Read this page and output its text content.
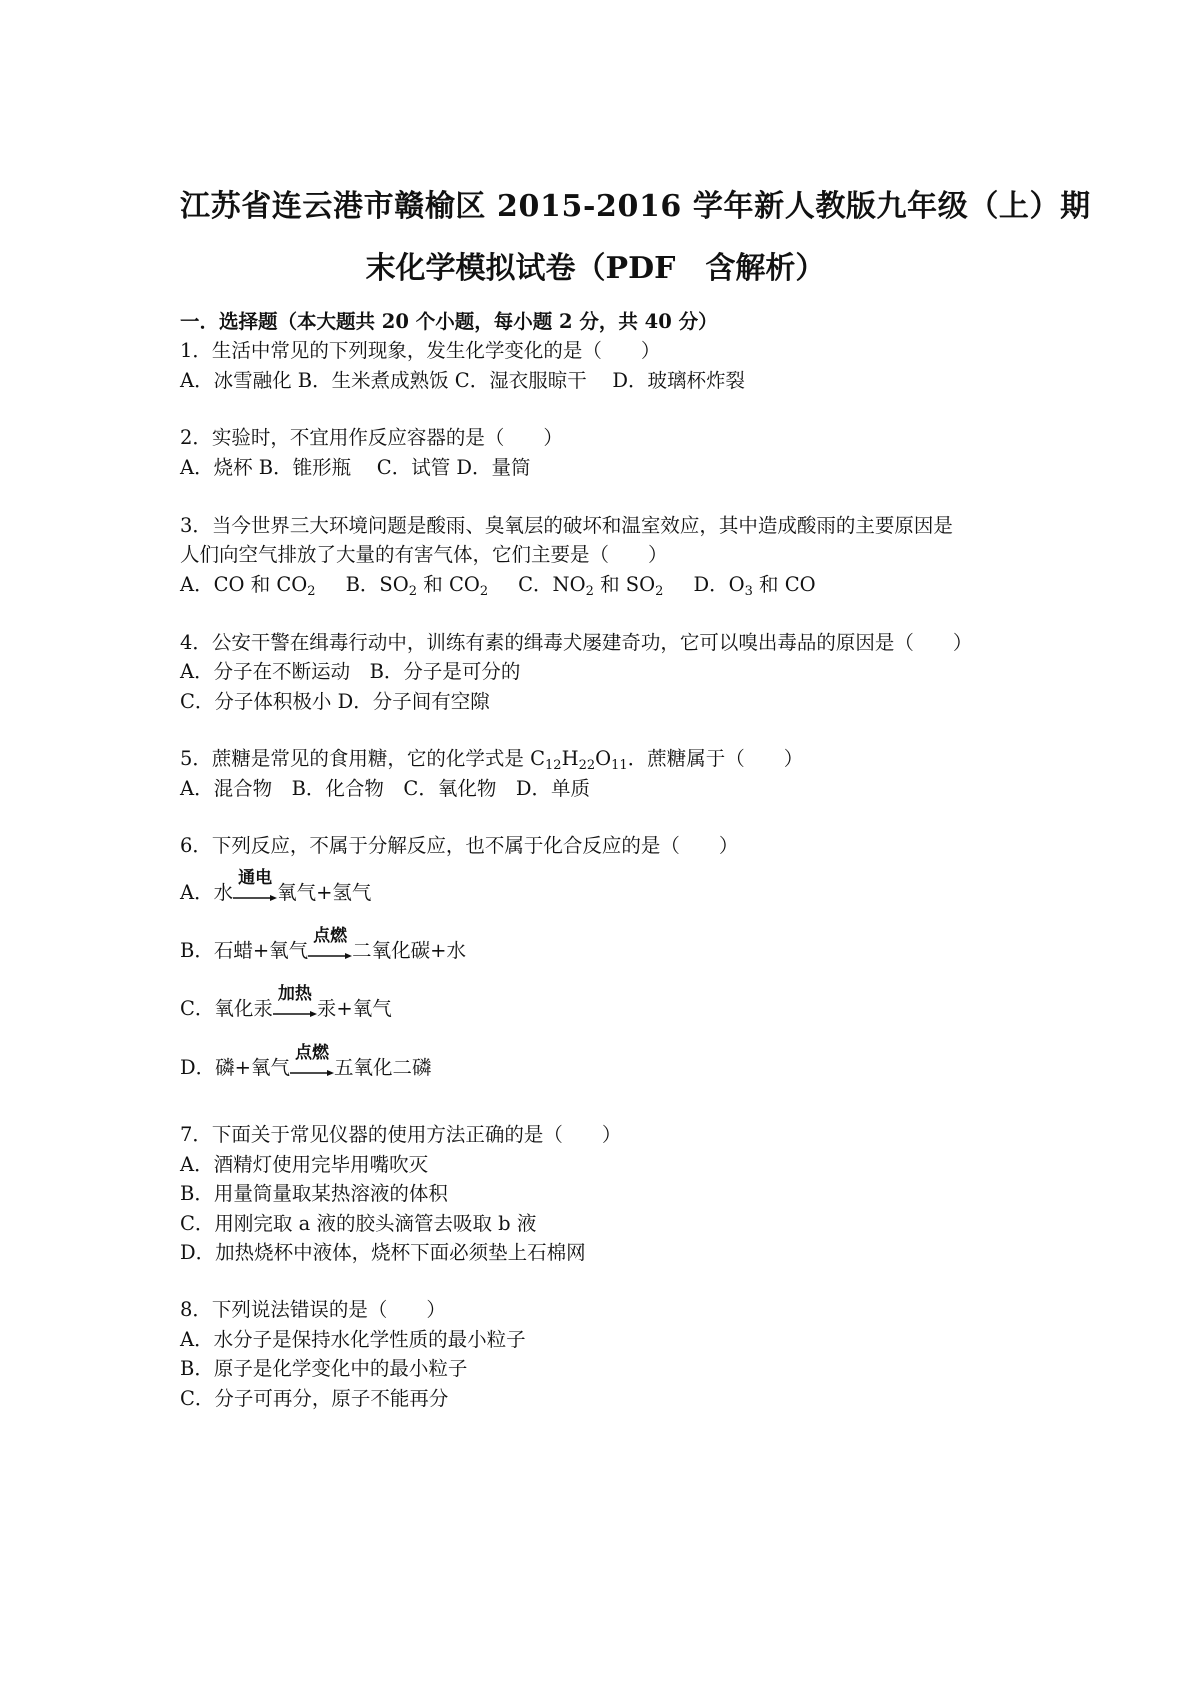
江苏省连云港市赣榆区 2015-2016 学年新人教版九年级（上）期
末化学模拟试卷（PDF　含解析）
一．选择题（本大题共 20 个小题，每小题 2 分，共 40 分）
1．生活中常见的下列现象，发生化学变化的是（　　）
A．冰雪融化 B．生米煮成熟饭 C．湿衣服晾干　 D．玻璃杯炸裂
2．实验时，不宜用作反应容器的是（　　）
A．烧杯 B．锥形瓶　 C．试管 D．量筒
3．当今世界三大环境问题是酸雨、臭氧层的破坏和温室效应，其中造成酸雨的主要原因是
人们向空气排放了大量的有害气体，它们主要是（　　）
A．CO 和 $CO_2$ B．$SO_2$ 和 $CO_2$ C．$NO_2$ 和 $SO_2$ D．$O_3$ 和 CO
4．公安干警在缉毒行动中，训练有素的缉毒犬屡建奇功，它可以嗅出毒品的原因是（　　）
A．分子在不断运动　B．分子是可分的
C．分子体积极小 D．分子间有空隙
5．蔗糖是常见的食用糖，它的化学式是 $C_{12}H_{22}O_{11}$．蔗糖属于（　　）
A．混合物　B．化合物　C．氧化物　D．单质
6．下列反应，不属于分解反应，也不属于化合反应的是（　　）
A．水
通电
氧气+氢气
B．石蜡+氧气
点燃
二氧化碳+水
C．氧化汞
加热
汞+氧气
D．磷+氧气
点燃
五氧化二磷
7．下面关于常见仪器的使用方法正确的是（　　）
A．酒精灯使用完毕用嘴吹灭
B．用量筒量取某热溶液的体积
C．用刚完取 a 液的胶头滴管去吸取 b 液
D．加热烧杯中液体，烧杯下面必须垫上石棉网
8．下列说法错误的是（　　）
A．水分子是保持水化学性质的最小粒子
B．原子是化学变化中的最小粒子
C．分子可再分，原子不能再分
